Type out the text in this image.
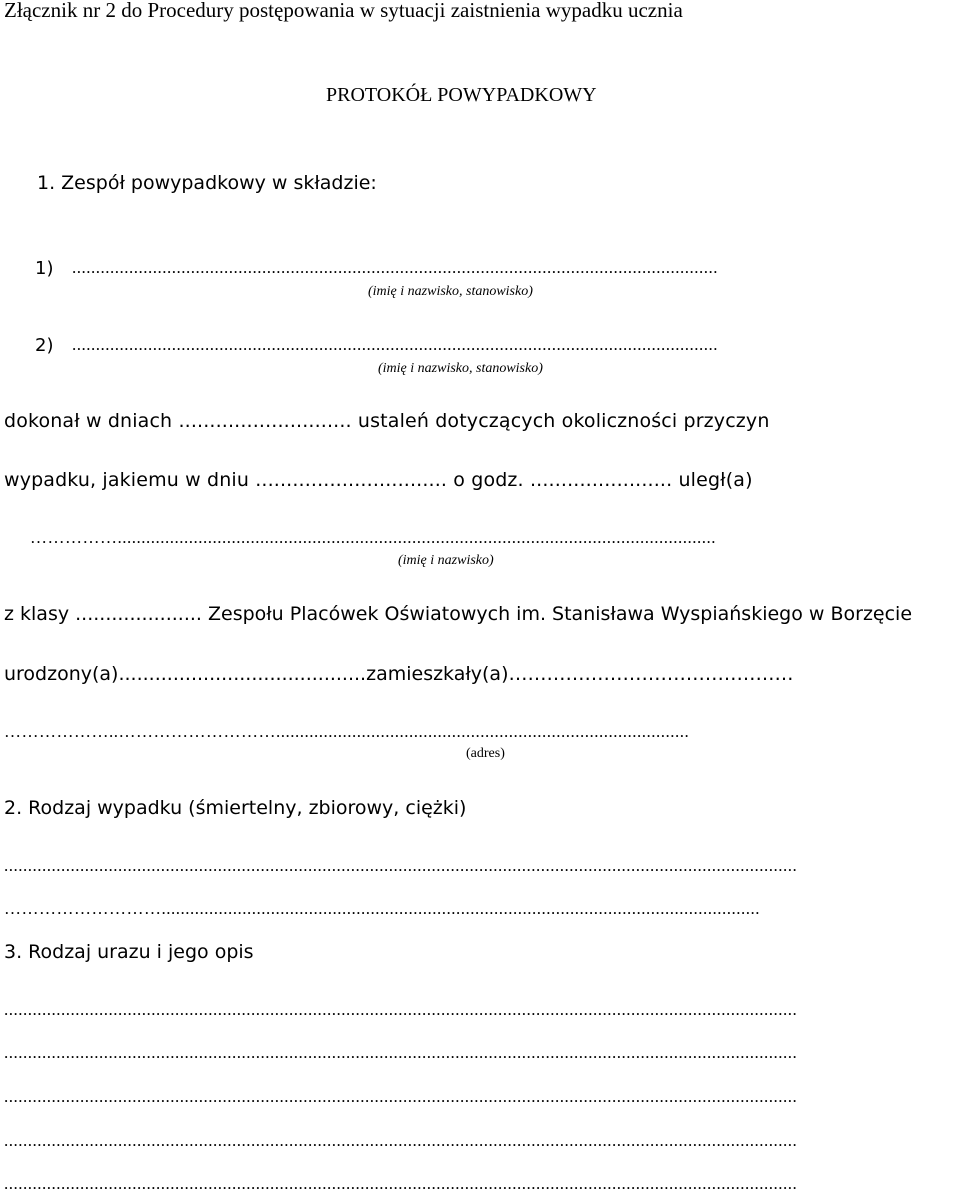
Złącznik nr 2 do Procedury postępowania w sytuacji zaistnienia wypadku ucznia
PROTOKÓŁ POWYPADKOWY
1. Zespół powypadkowy w składzie:
1) ........................................................................................................................................
(imię i nazwisko, stanowisko)
2) ........................................................................................................................................
(imię i nazwisko, stanowisko)
dokonał w dniach ............................ ustaleń dotyczących okoliczności przyczyn
wypadku, jakiemu w dniu ............................... o godz. ....................... uległ(a)
……………..............................................................................................................................
(imię i nazwisko)
z klasy ..................... Zespołu Placówek Oświatowych im. Stanisława Wyspiańskiego w Borzęcie
urodzony(a).........................................zamieszkały(a)………………………………………
………………..……………………….......................................................................................
(adres)
2. Rodzaj wypadku (śmiertelny, zbiorowy, ciężki)
.......................................................................................................................................................................
………………………..............................................................................................................................
3. Rodzaj urazu i jego opis
.......................................................................................................................................................................
.......................................................................................................................................................................
.......................................................................................................................................................................
.......................................................................................................................................................................
.......................................................................................................................................................................
